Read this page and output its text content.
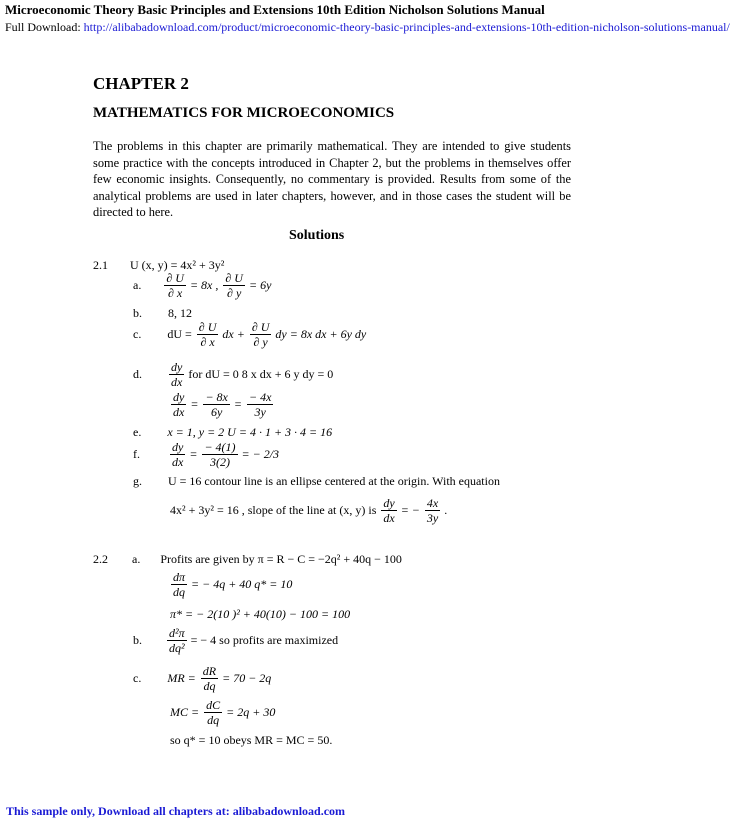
Microeconomic Theory Basic Principles and Extensions 10th Edition Nicholson Solutions Manual
Full Download: http://alibabadownload.com/product/microeconomic-theory-basic-principles-and-extensions-10th-edition-nicholson-solutions-manual/
CHAPTER 2
MATHEMATICS FOR MICROECONOMICS
The problems in this chapter are primarily mathematical. They are intended to give students some practice with the concepts introduced in Chapter 2, but the problems in themselves offer few economic insights. Consequently, no commentary is provided. Results from some of the analytical problems are used in later chapters, however, and in those cases the student will be directed to here.
Solutions
2.1 U (x, y) = 4x² + 3y²
a. $\frac{\partial U}{\partial x} = 8x$ , $\frac{\partial U}{\partial y} = 6y$
b. 8, 12
c. dU = $\frac{\partial U}{\partial x}$ dx + $\frac{\partial U}{\partial y}$ dy = 8x dx + 6y dy
d. $\frac{dy}{dx}$ for dU = 0 8 x dx + 6 y dy = 0
$\frac{dy}{dx} = \frac{- 8x}{6y} = \frac{- 4x}{3y}$
e. x = 1, y = 2 U = 4 · 1 + 3 · 4 = 16
f.	$\frac{dy}{dx} = \frac{- 4(1)}{3(2)}$ = − 2/3
g. U = 16 contour line is an ellipse centered at the origin. With equation
4x² + 3y² = 16 , slope of the line at (x, y) is $\frac{dy}{dx}$ = − $\frac{4x}{3y}$ .
2.2 a. Profits are given by π = R − C = −2q² + 40q − 100
$\frac{d\pi}{dq}$ = − 4q + 40 q* = 10
π* = − 2(10 )² + 40(10) − 100 = 100
b. $\frac{\text{d²π}}{\text{dq²}}$ = − 4 so profits are maximized
c. MR = $\frac{dR}{dq} = 70 - 2q$
MC = $\frac{dC}{dq} = 2q + 30$
so q* = 10 obeys MR = MC = 50.
This sample only, Download all chapters at: alibabadownload.com
